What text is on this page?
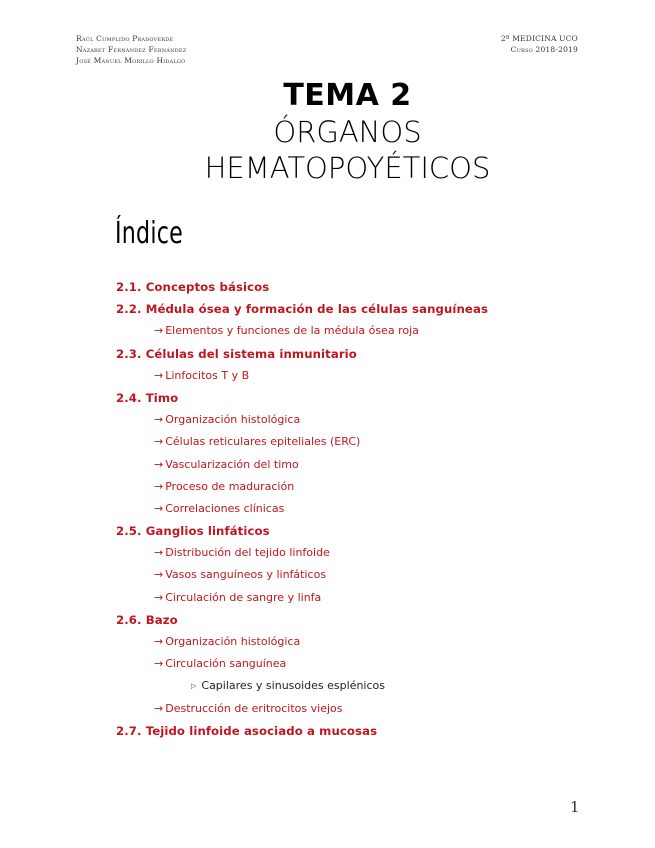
Raúl Cumplido Pradoverde
Nazaret Fernández Fernández
José Manuel Morillo Hidalgo
2º MEDICINA UCO
Curso 2018-2019
TEMA 2
ÓRGANOS
HEMATOPOYÉTICOS
Índice
2.1. Conceptos básicos
2.2. Médula ósea y formación de las células sanguíneas
→ Elementos y funciones de la médula ósea roja
2.3. Células del sistema inmunitario
→ Linfocitos T y B
2.4. Timo
→ Organización histológica
→ Células reticulares epiteliales (ERC)
→ Vascularización del timo
→ Proceso de maduración
→ Correlaciones clínicas
2.5. Ganglios linfáticos
→ Distribución del tejido linfoide
→ Vasos sanguíneos y linfáticos
→ Circulación de sangre y linfa
2.6. Bazo
→ Organización histológica
→ Circulación sanguínea
▷ Capilares y sinusoides esplénicos
→ Destrucción de eritrocitos viejos
2.7. Tejido linfoide asociado a mucosas
1
